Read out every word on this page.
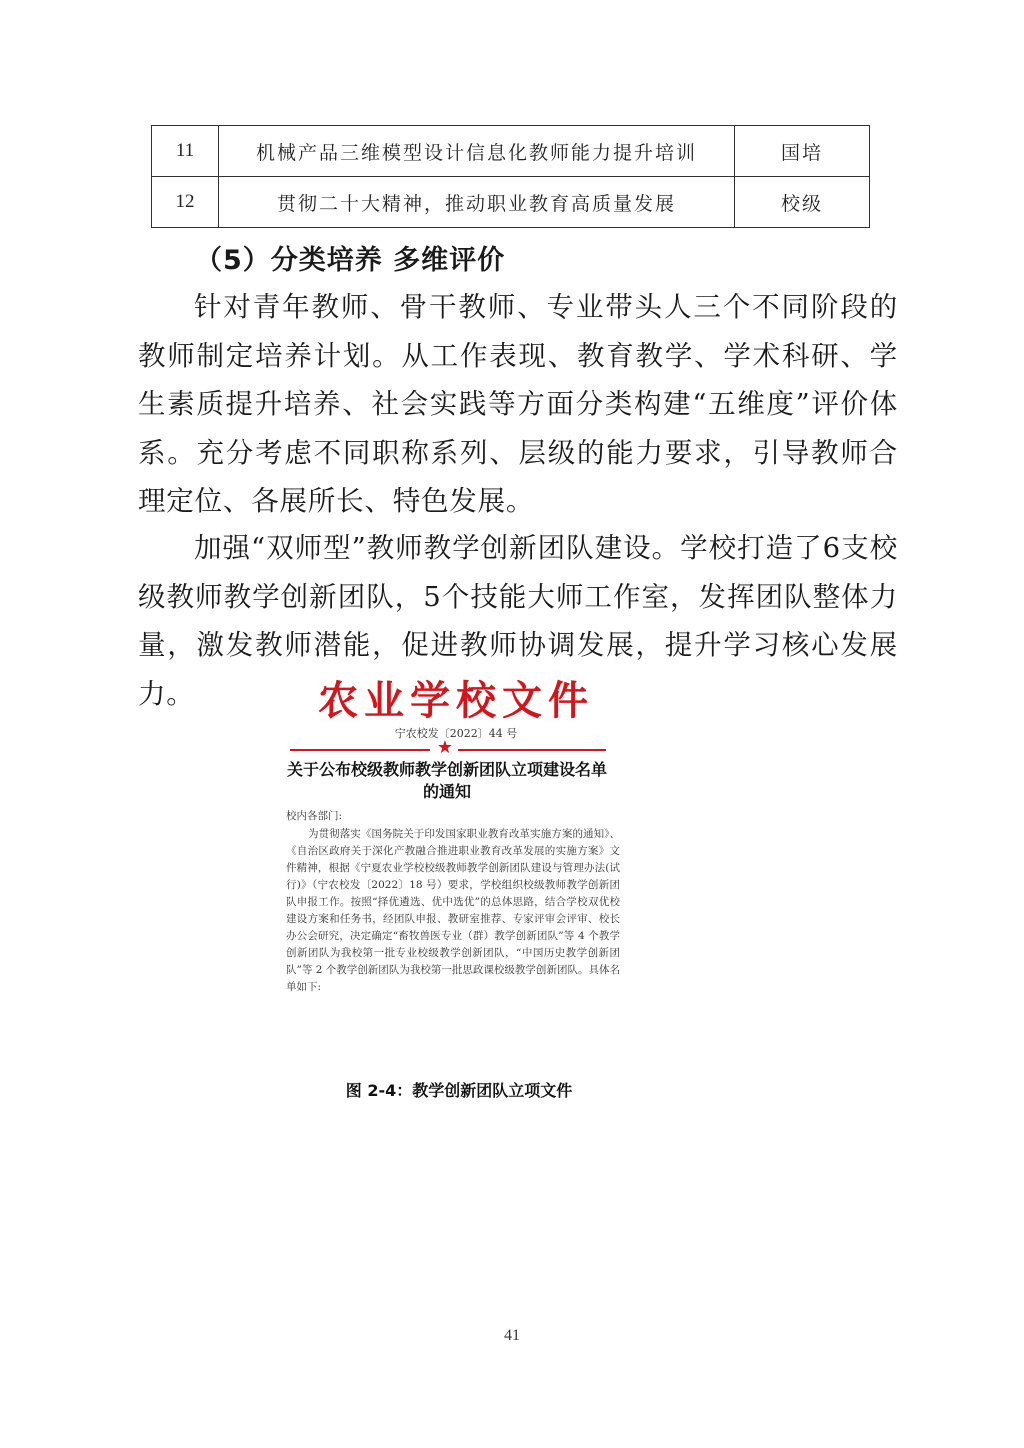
11	机械产品三维模型设计信息化教师能力提升培训	国培
12	贯彻二十大精神，推动职业教育高质量发展	校级
（5）分类培养 多维评价

针对青年教师、骨干教师、专业带头人三个不同阶段的教师制定培养计划。从工作表现、教育教学、学术科研、学生素质提升培养、社会实践等方面分类构建“五维度”评价体系。充分考虑不同职称系列、层级的能力要求，引导教师合理定位、各展所长、特色发展。

加强“双师型”教师教学创新团队建设。学校打造了6支校级教师教学创新团队，5个技能大师工作室，发挥团队整体力量，激发教师潜能，促进教师协调发展，提升学习核心发展力。	农业学校文件
宁农校发〔2022〕44 号
★
关于公布校级教师教学创新团队立项建设名单的通知

校内各部门:

为贯彻落实《国务院关于印发国家职业教育改革实施方案的通知》、《自治区政府关于深化产教融合推进职业教育改革发展的实施方案》文件精神，根据《宁夏农业学校校级教师教学创新团队建设与管理办法(试行)》（宁农校发〔2022〕18 号）要求，学校组织校级教师教学创新团队申报工作。按照“择优遴选、优中选优”的总体思路，结合学校双优校建设方案和任务书，经团队申报、教研室推荐、专家评审会评审、校长办公会研究，决定确定“畜牧兽医专业（群）教学创新团队”等 4 个教学创新团队为我校第一批专业校级教学创新团队，“中国历史教学创新团队”等 2 个教学创新团队为我校第一批思政课校级教学创新团队。具体名单如下:

图 2-4：教学创新团队立项文件
41
